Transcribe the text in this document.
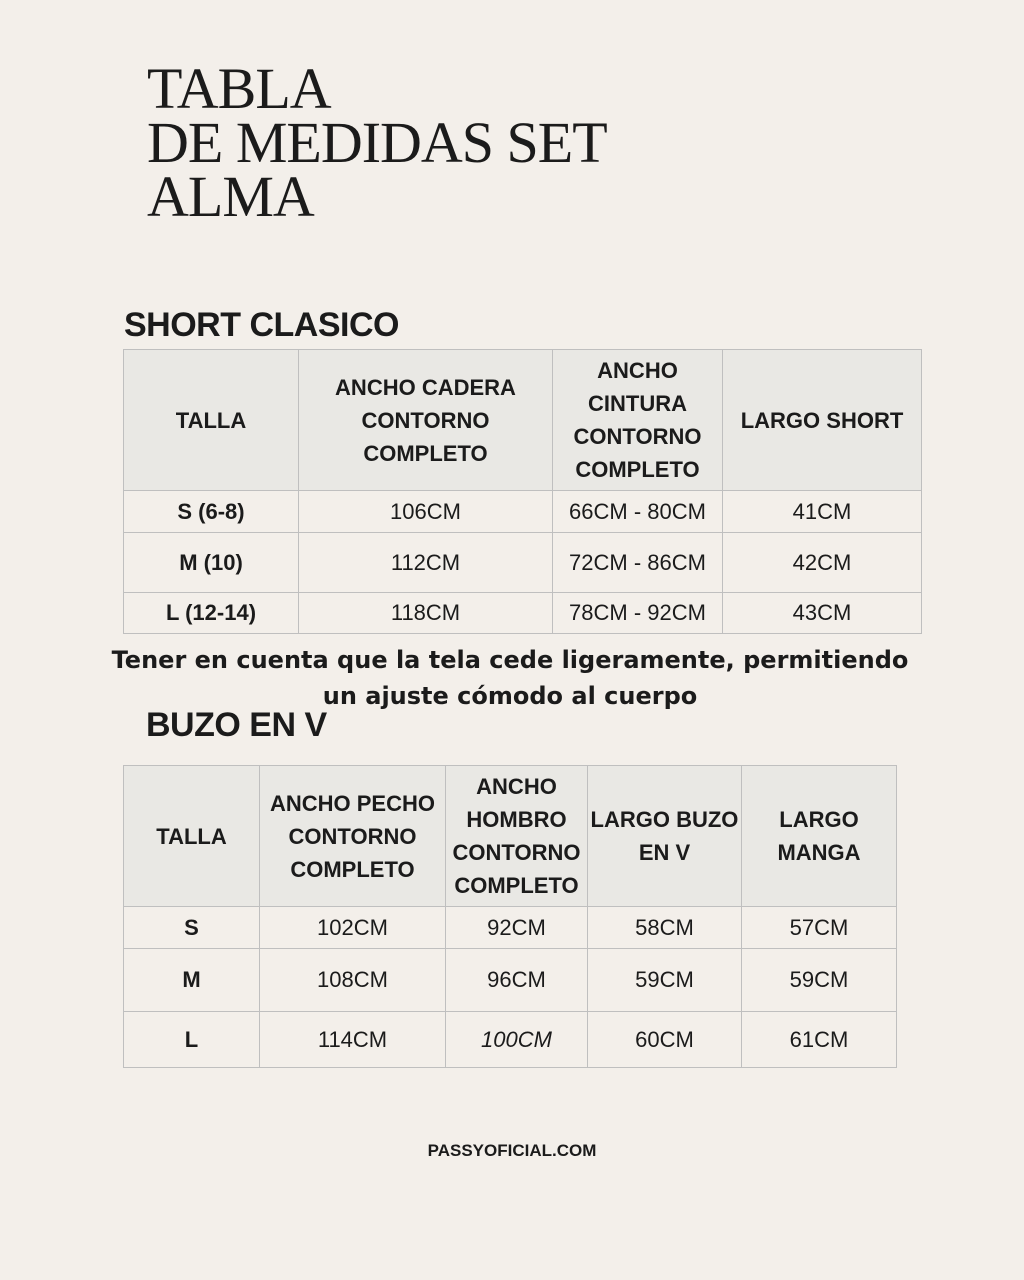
TABLA
DE MEDIDAS SET
ALMA
SHORT CLASICO
TALLA	ANCHO CADERA CONTORNO COMPLETO	ANCHO CINTURA CONTORNO COMPLETO	LARGO SHORT
S (6-8)	106CM	66CM - 80CM	41CM
M (10)	112CM	72CM - 86CM	42CM
L (12-14)	118CM	78CM - 92CM	43CM

Tener en cuenta que la tela cede ligeramente, permitiendo un ajuste cómodo al cuerpo

BUZO EN V
TALLA	ANCHO PECHO CONTORNO COMPLETO	ANCHO HOMBRO CONTORNO COMPLETO	LARGO BUZO EN V	LARGO MANGA
S	102CM	92CM	58CM	57CM
M	108CM	96CM	59CM	59CM
L	114CM	100CM	60CM	61CM
PASSYOFICIAL.COM
